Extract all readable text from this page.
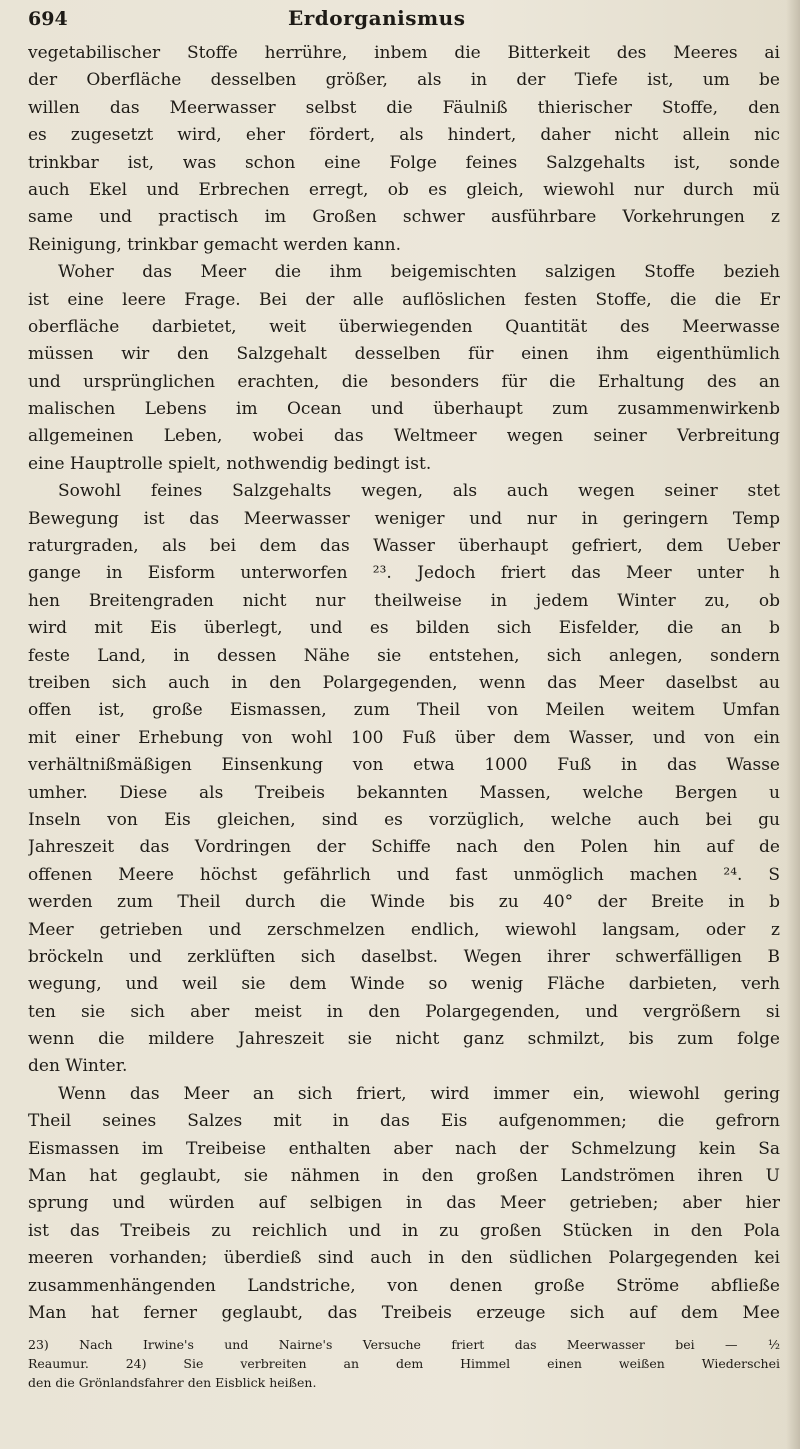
694	Erdorganismus
vegetabilischer Stoffe herrühre, inbem die Bitterkeit des Meeres ai
der Oberfläche desselben größer, als in der Tiefe ist, um be
willen das Meerwasser selbst die Fäulniß thierischer Stoffe, den
es zugesetzt wird, eher fördert, als hindert, daher nicht allein nic
trinkbar ist, was schon eine Folge feines Salzgehalts ist, sonde
auch Ekel und Erbrechen erregt, ob es gleich, wiewohl nur durch mü
same und practisch im Großen schwer ausführbare Vorkehrungen z
Reinigung, trinkbar gemacht werden kann.
Woher das Meer die ihm beigemischten salzigen Stoffe bezieh
ist eine leere Frage. Bei der alle auflöslichen festen Stoffe, die die Er
oberfläche darbietet, weit überwiegenden Quantität des Meerwasse
müssen wir den Salzgehalt desselben für einen ihm eigenthümlich
und ursprünglichen erachten, die besonders für die Erhaltung des an
malischen Lebens im Ocean und überhaupt zum zusammenwirkenb
allgemeinen Leben, wobei das Weltmeer wegen seiner Verbreitung
eine Hauptrolle spielt, nothwendig bedingt ist.
Sowohl feines Salzgehalts wegen, als auch wegen seiner stet
Bewegung ist das Meerwasser weniger und nur in geringern Temp
raturgraden, als bei dem das Wasser überhaupt gefriert, dem Ueber
gange in Eisform unterworfen ²³. Jedoch friert das Meer unter h
hen Breitengraden nicht nur theilweise in jedem Winter zu, ob
wird mit Eis überlegt, und es bilden sich Eisfelder, die an b
feste Land, in dessen Nähe sie entstehen, sich anlegen, sondern
treiben sich auch in den Polargegenden, wenn das Meer daselbst au
offen ist, große Eismassen, zum Theil von Meilen weitem Umfan
mit einer Erhebung von wohl 100 Fuß über dem Wasser, und von ein
verhältnißmäßigen Einsenkung von etwa 1000 Fuß in das Wasse
umher. Diese als Treibeis bekannten Massen, welche Bergen u
Inseln von Eis gleichen, sind es vorzüglich, welche auch bei gu
Jahreszeit das Vordringen der Schiffe nach den Polen hin auf de
offenen Meere höchst gefährlich und fast unmöglich machen ²⁴. S
werden zum Theil durch die Winde bis zu 40° der Breite in b
Meer getrieben und zerschmelzen endlich, wiewohl langsam, oder z
bröckeln und zerklüften sich daselbst. Wegen ihrer schwerfälligen B
wegung, und weil sie dem Winde so wenig Fläche darbieten, verh
ten sie sich aber meist in den Polargegenden, und vergrößern si
wenn die mildere Jahreszeit sie nicht ganz schmilzt, bis zum folge
den Winter.
Wenn das Meer an sich friert, wird immer ein, wiewohl gering
Theil seines Salzes mit in das Eis aufgenommen; die gefrorn
Eismassen im Treibeise enthalten aber nach der Schmelzung kein Sa
Man hat geglaubt, sie nähmen in den großen Landströmen ihren U
sprung und würden auf selbigen in das Meer getrieben; aber hier
ist das Treibeis zu reichlich und in zu großen Stücken in den Pola
meeren vorhanden; überdieß sind auch in den südlichen Polargegenden kei
zusammenhängenden Landstriche, von denen große Ströme abfließe
Man hat ferner geglaubt, das Treibeis erzeuge sich auf dem Mee
23) Nach Irwine's und Nairne's Versuche friert das Meerwasser bei — ¹⁄₂
Reaumur. 24) Sie verbreiten an dem Himmel einen weißen Wiederschei
den die Grönlandsfahrer den Eisblick heißen.
